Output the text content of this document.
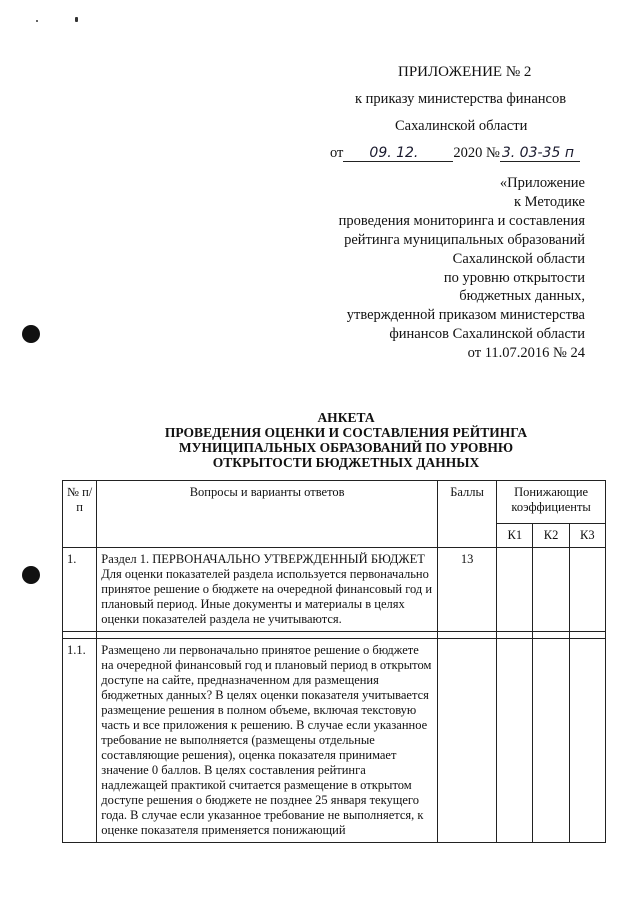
ПРИЛОЖЕНИЕ № 2
к приказу министерства финансов
Сахалинской области
от 09. 12. 2020 № 3. 03-35 п
«Приложение
к Методике
проведения мониторинга и составления
рейтинга муниципальных образований
Сахалинской области
по уровню открытости
бюджетных данных,
утвержденной приказом министерства
финансов Сахалинской области
от 11.07.2016 № 24
АНКЕТА
ПРОВЕДЕНИЯ ОЦЕНКИ И СОСТАВЛЕНИЯ РЕЙТИНГА
МУНИЦИПАЛЬНЫХ ОБРАЗОВАНИЙ ПО УРОВНЮ
ОТКРЫТОСТИ БЮДЖЕТНЫХ ДАННЫХ
№ п/п	Вопросы и варианты ответов	Баллы	Понижающие коэффициенты		
			К1	К2	К3
1.	Раздел 1. ПЕРВОНАЧАЛЬНО УТВЕРЖДЕННЫЙ БЮДЖЕТ Для оценки показателей раздела используется первоначально принятое решение о бюджете на очередной финансовый год и плановый период. Иные документы и материалы в целях оценки показателей раздела не учитываются.	13			

1.1.	Размещено ли первоначально принятое решение о бюджете на очередной финансовый год и плановый период в открытом доступе на сайте, предназначенном для размещения бюджетных данных? В целях оценки показателя учитывается размещение решения в полном объеме, включая текстовую часть и все приложения к решению. В случае если указанное требование не выполняется (размещены отдельные составляющие решения), оценка показателя принимает значение 0 баллов. В целях составления рейтинга надлежащей практикой считается размещение в открытом доступе решения о бюджете не позднее 25 января текущего года. В случае если указанное требование не выполняется, к оценке показателя применяется понижающий				
